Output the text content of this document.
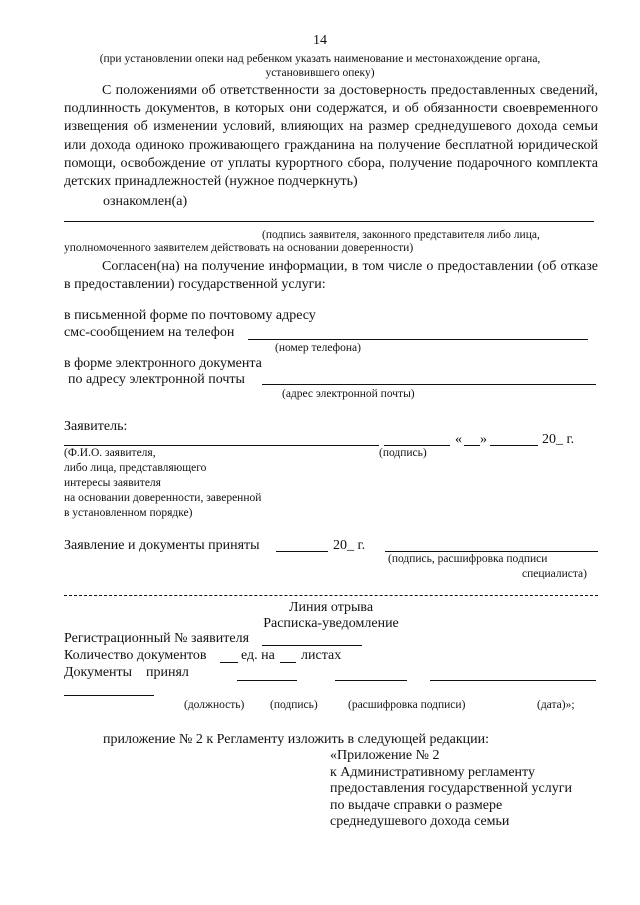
14
(при установлении опеки над ребенком указать наименование и местонахождение органа,
установившего опеку)
С положениями об ответственности за достоверность предоставленных сведений, подлинность документов, в которых они содержатся, и об обязанности своевременного извещения об изменении условий, влияющих на размер среднедушевого дохода семьи или дохода одиноко проживающего гражданина на получение бесплатной юридической помощи, освобождение от уплаты курортного сбора, получение подарочного комплекта детских принадлежностей (нужное подчеркнуть)
ознакомлен(а)
(подпись заявителя, законного представителя либо лица,
уполномоченного заявителем действовать на основании доверенности)
Согласен(на) на получение информации, в том числе о предоставлении (об отказе в предоставлении) государственной услуги:
в письменной форме по почтовому адресу
смс-сообщением на телефон
(номер телефона)
в форме электронного документа
по адресу электронной почты
(адрес электронной почты)
Заявитель:
« »	20_ г.
(Ф.И.О. заявителя,
либо лица, представляющего
интересы заявителя
на основании доверенности, заверенной
в установленном порядке)
(подпись)
Заявление и документы приняты	20_ г.
(подпись, расшифровка подписи
специалиста)
Линия отрыва
Расписка-уведомление
Регистрационный № заявителя
Количество документов ед. на листах
Документы принял
(должность) (подпись)	(расшифровка подписи)	(дата)»;
приложение № 2 к Регламенту изложить в следующей редакции:
«Приложение № 2
к Административному регламенту
предоставления государственной услуги
по выдаче справки о размере
среднедушевого дохода семьи
